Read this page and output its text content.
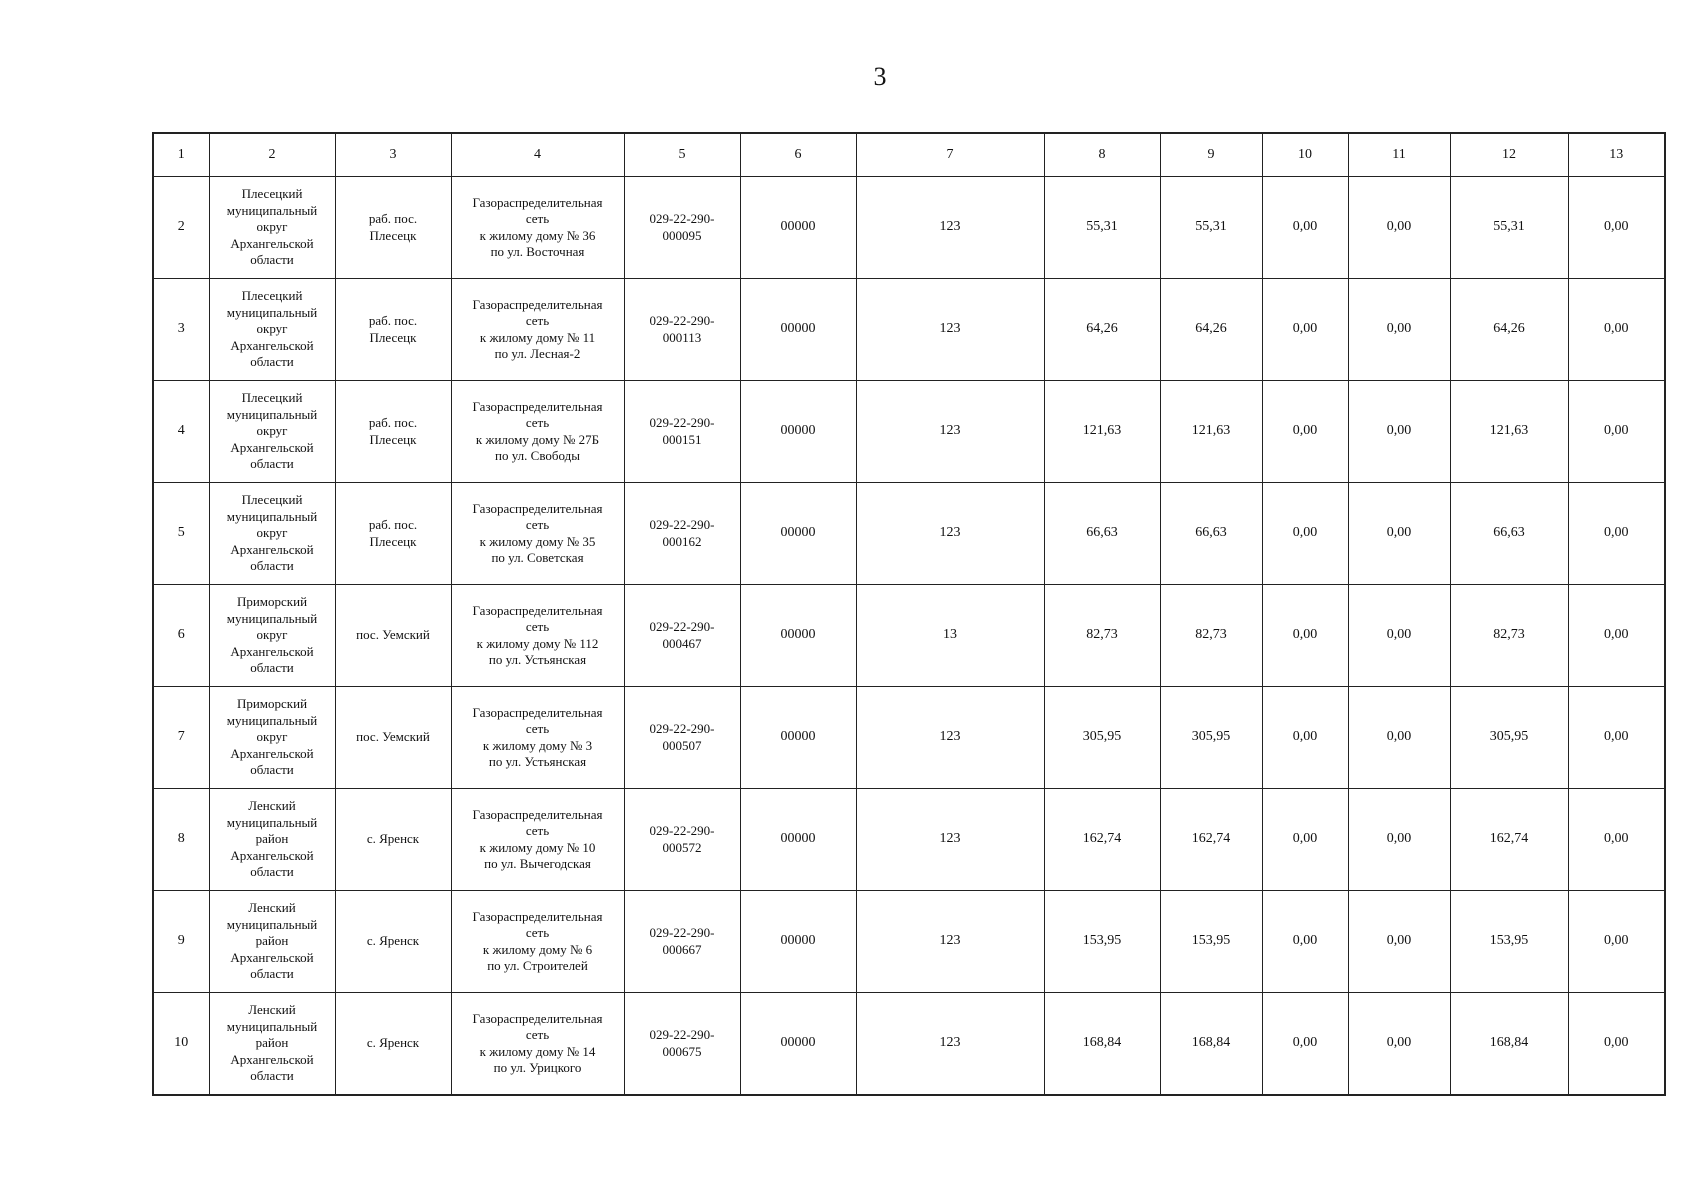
3
1	2	3	4	5	6	7	8	9	10	11	12	13
2	Плесецкий
муниципальный
округ
Архангельской
области	раб. пос.
Плесецк	Газораспределительная
сеть
к жилому дому № 36
по ул. Восточная	029-22-290-
000095	00000	123	55,31	55,31	0,00	0,00	55,31	0,00
3	Плесецкий
муниципальный
округ
Архангельской
области	раб. пос.
Плесецк	Газораспределительная
сеть
к жилому дому № 11
по ул. Лесная-2	029-22-290-
000113	00000	123	64,26	64,26	0,00	0,00	64,26	0,00
4	Плесецкий
муниципальный
округ
Архангельской
области	раб. пос.
Плесецк	Газораспределительная
сеть
к жилому дому № 27Б
по ул. Свободы	029-22-290-
000151	00000	123	121,63	121,63	0,00	0,00	121,63	0,00
5	Плесецкий
муниципальный
округ
Архангельской
области	раб. пос.
Плесецк	Газораспределительная
сеть
к жилому дому № 35
по ул. Советская	029-22-290-
000162	00000	123	66,63	66,63	0,00	0,00	66,63	0,00
6	Приморский
муниципальный
округ
Архангельской
области	пос. Уемский	Газораспределительная
сеть
к жилому дому № 112
по ул. Устьянская	029-22-290-
000467	00000	13	82,73	82,73	0,00	0,00	82,73	0,00
7	Приморский
муниципальный
округ
Архангельской
области	пос. Уемский	Газораспределительная
сеть
к жилому дому № 3
по ул. Устьянская	029-22-290-
000507	00000	123	305,95	305,95	0,00	0,00	305,95	0,00
8	Ленский
муниципальный
район
Архангельской
области	с. Яренск	Газораспределительная
сеть
к жилому дому № 10
по ул. Вычегодская	029-22-290-
000572	00000	123	162,74	162,74	0,00	0,00	162,74	0,00
9	Ленский
муниципальный
район
Архангельской
области	с. Яренск	Газораспределительная
сеть
к жилому дому № 6
по ул. Строителей	029-22-290-
000667	00000	123	153,95	153,95	0,00	0,00	153,95	0,00
10	Ленский
муниципальный
район
Архангельской
области	с. Яренск	Газораспределительная
сеть
к жилому дому № 14
по ул. Урицкого	029-22-290-
000675	00000	123	168,84	168,84	0,00	0,00	168,84	0,00
